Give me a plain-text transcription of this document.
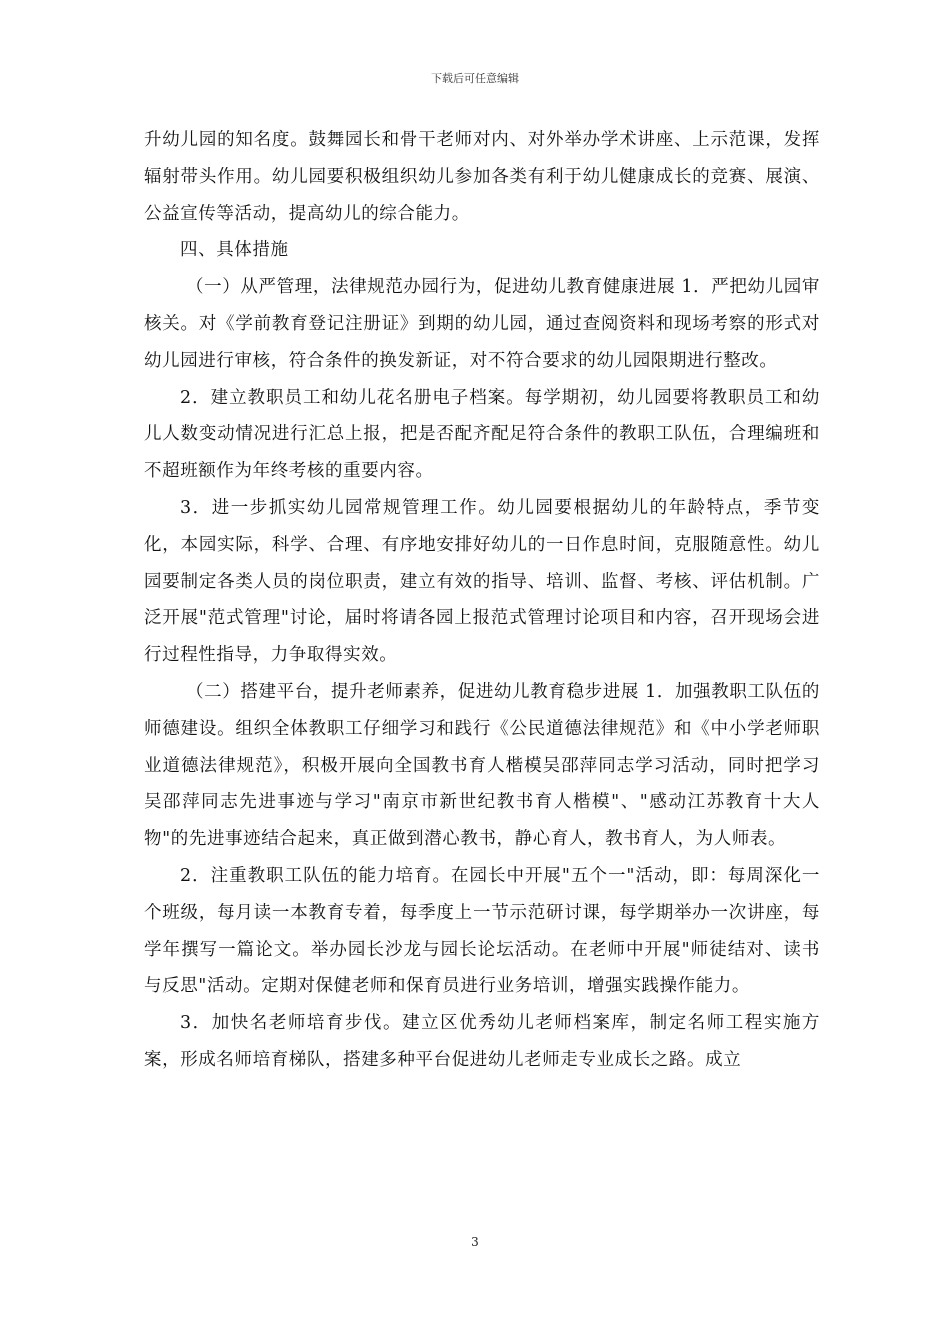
下载后可任意编辑

升幼儿园的知名度。鼓舞园长和骨干老师对内、对外举办学术讲座、上示范课，发挥辐射带头作用。幼儿园要积极组织幼儿参加各类有利于幼儿健康成长的竞赛、展演、公益宣传等活动，提高幼儿的综合能力。

四、具体措施

（一）从严管理，法律规范办园行为，促进幼儿教育健康进展 1．严把幼儿园审核关。对《学前教育登记注册证》到期的幼儿园，通过查阅资料和现场考察的形式对幼儿园进行审核，符合条件的换发新证，对不符合要求的幼儿园限期进行整改。

2．建立教职员工和幼儿花名册电子档案。每学期初，幼儿园要将教职员工和幼儿人数变动情况进行汇总上报，把是否配齐配足符合条件的教职工队伍，合理编班和不超班额作为年终考核的重要内容。

3．进一步抓实幼儿园常规管理工作。幼儿园要根据幼儿的年龄特点，季节变化，本园实际，科学、合理、有序地安排好幼儿的一日作息时间，克服随意性。幼儿园要制定各类人员的岗位职责，建立有效的指导、培训、监督、考核、评估机制。广泛开展"范式管理"讨论，届时将请各园上报范式管理讨论项目和内容，召开现场会进行过程性指导，力争取得实效。

（二）搭建平台，提升老师素养，促进幼儿教育稳步进展 1．加强教职工队伍的师德建设。组织全体教职工仔细学习和践行《公民道德法律规范》和《中小学老师职业道德法律规范》，积极开展向全国教书育人楷模吴邵萍同志学习活动，同时把学习吴邵萍同志先进事迹与学习"南京市新世纪教书育人楷模"、"感动江苏教育十大人物"的先进事迹结合起来，真正做到潜心教书，静心育人，教书育人，为人师表。

2．注重教职工队伍的能力培育。在园长中开展"五个一"活动，即：每周深化一个班级，每月读一本教育专着，每季度上一节示范研讨课，每学期举办一次讲座，每学年撰写一篇论文。举办园长沙龙与园长论坛活动。在老师中开展"师徒结对、读书与反思"活动。定期对保健老师和保育员进行业务培训，增强实践操作能力。

3．加快名老师培育步伐。建立区优秀幼儿老师档案库，制定名师工程实施方案，形成名师培育梯队，搭建多种平台促进幼儿老师走专业成长之路。成立

3
